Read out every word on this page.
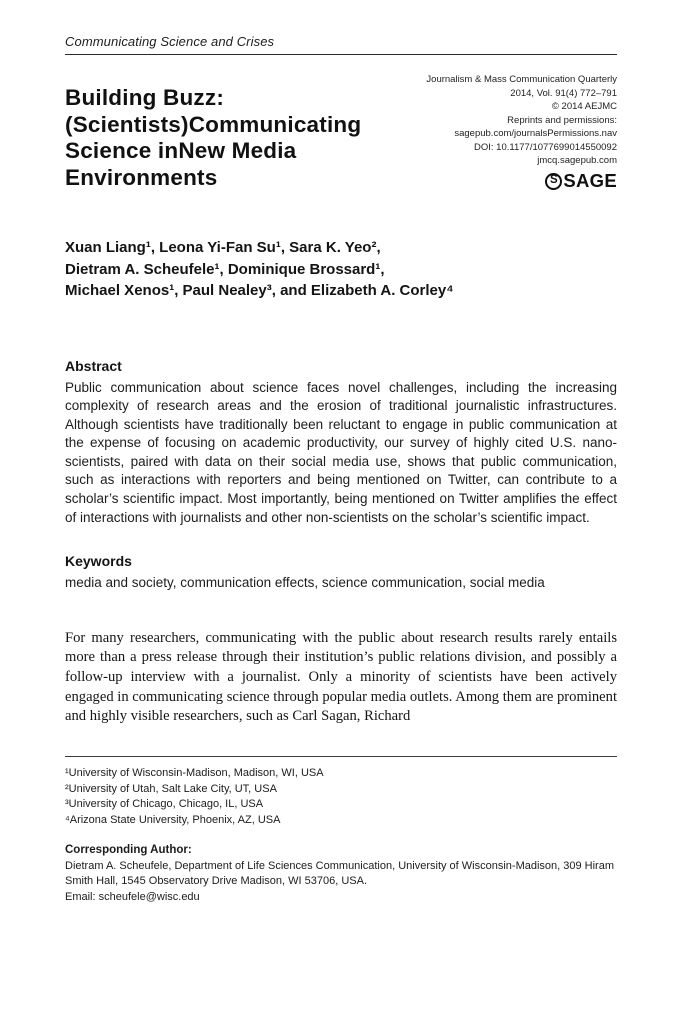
Communicating Science and Crises
Building Buzz: (Scientists)Communicating Science inNew Media Environments
Journalism & Mass Communication Quarterly
2014, Vol. 91(4) 772–791
© 2014 AEJMC
Reprints and permissions:
sagepub.com/journalsPermissions.nav
DOI: 10.1177/1077699014550092
jmcq.sagepub.com
S SAGE
Xuan Liang¹, Leona Yi-Fan Su¹, Sara K. Yeo²,
Dietram A. Scheufele¹, Dominique Brossard¹,
Michael Xenos¹, Paul Nealey³, and Elizabeth A. Corley⁴
Abstract

Public communication about science faces novel challenges, including the increasing complexity of research areas and the erosion of traditional journalistic infrastructures. Although scientists have traditionally been reluctant to engage in public communication at the expense of focusing on academic productivity, our survey of highly cited U.S. nano-scientists, paired with data on their social media use, shows that public communication, such as interactions with reporters and being mentioned on Twitter, can contribute to a scholar’s scientific impact. Most importantly, being mentioned on Twitter amplifies the effect of interactions with journalists and other non-scientists on the scholar’s scientific impact.

Keywords

media and society, communication effects, science communication, social media

For many researchers, communicating with the public about research results rarely entails more than a press release through their institution’s public relations division, and possibly a follow-up interview with a journalist. Only a minority of scientists have been actively engaged in communicating science through popular media outlets. Among them are prominent and highly visible researchers, such as Carl Sagan, Richard

¹University of Wisconsin-Madison, Madison, WI, USA
²University of Utah, Salt Lake City, UT, USA
³University of Chicago, Chicago, IL, USA
⁴Arizona State University, Phoenix, AZ, USA
Corresponding Author:
Dietram A. Scheufele, Department of Life Sciences Communication, University of Wisconsin-Madison, 309 Hiram Smith Hall, 1545 Observatory Drive Madison, WI 53706, USA.
Email: scheufele@wisc.edu
